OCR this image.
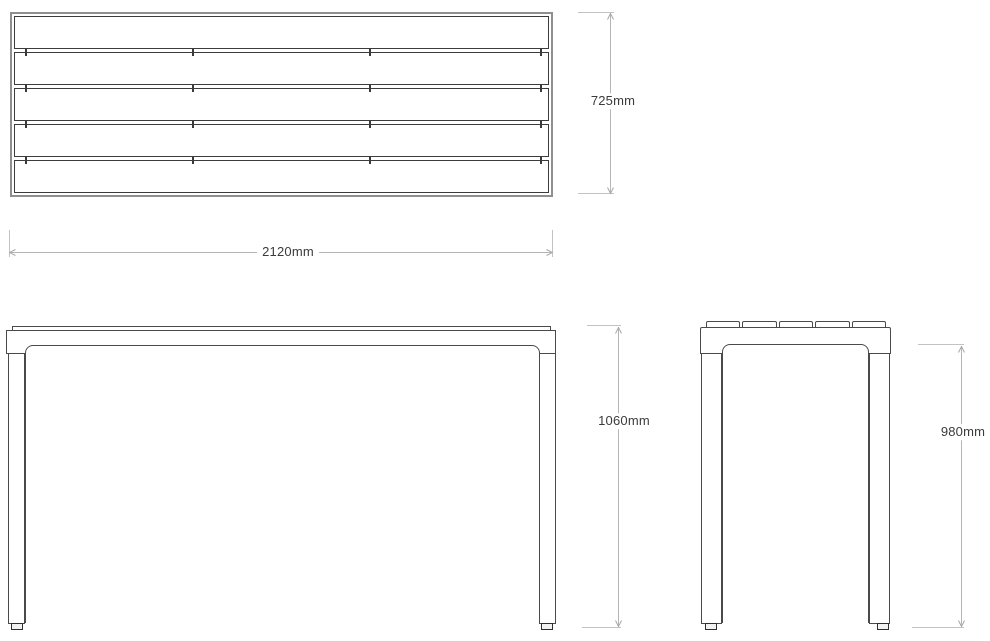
725mm
2120mm
1060mm
980mm
